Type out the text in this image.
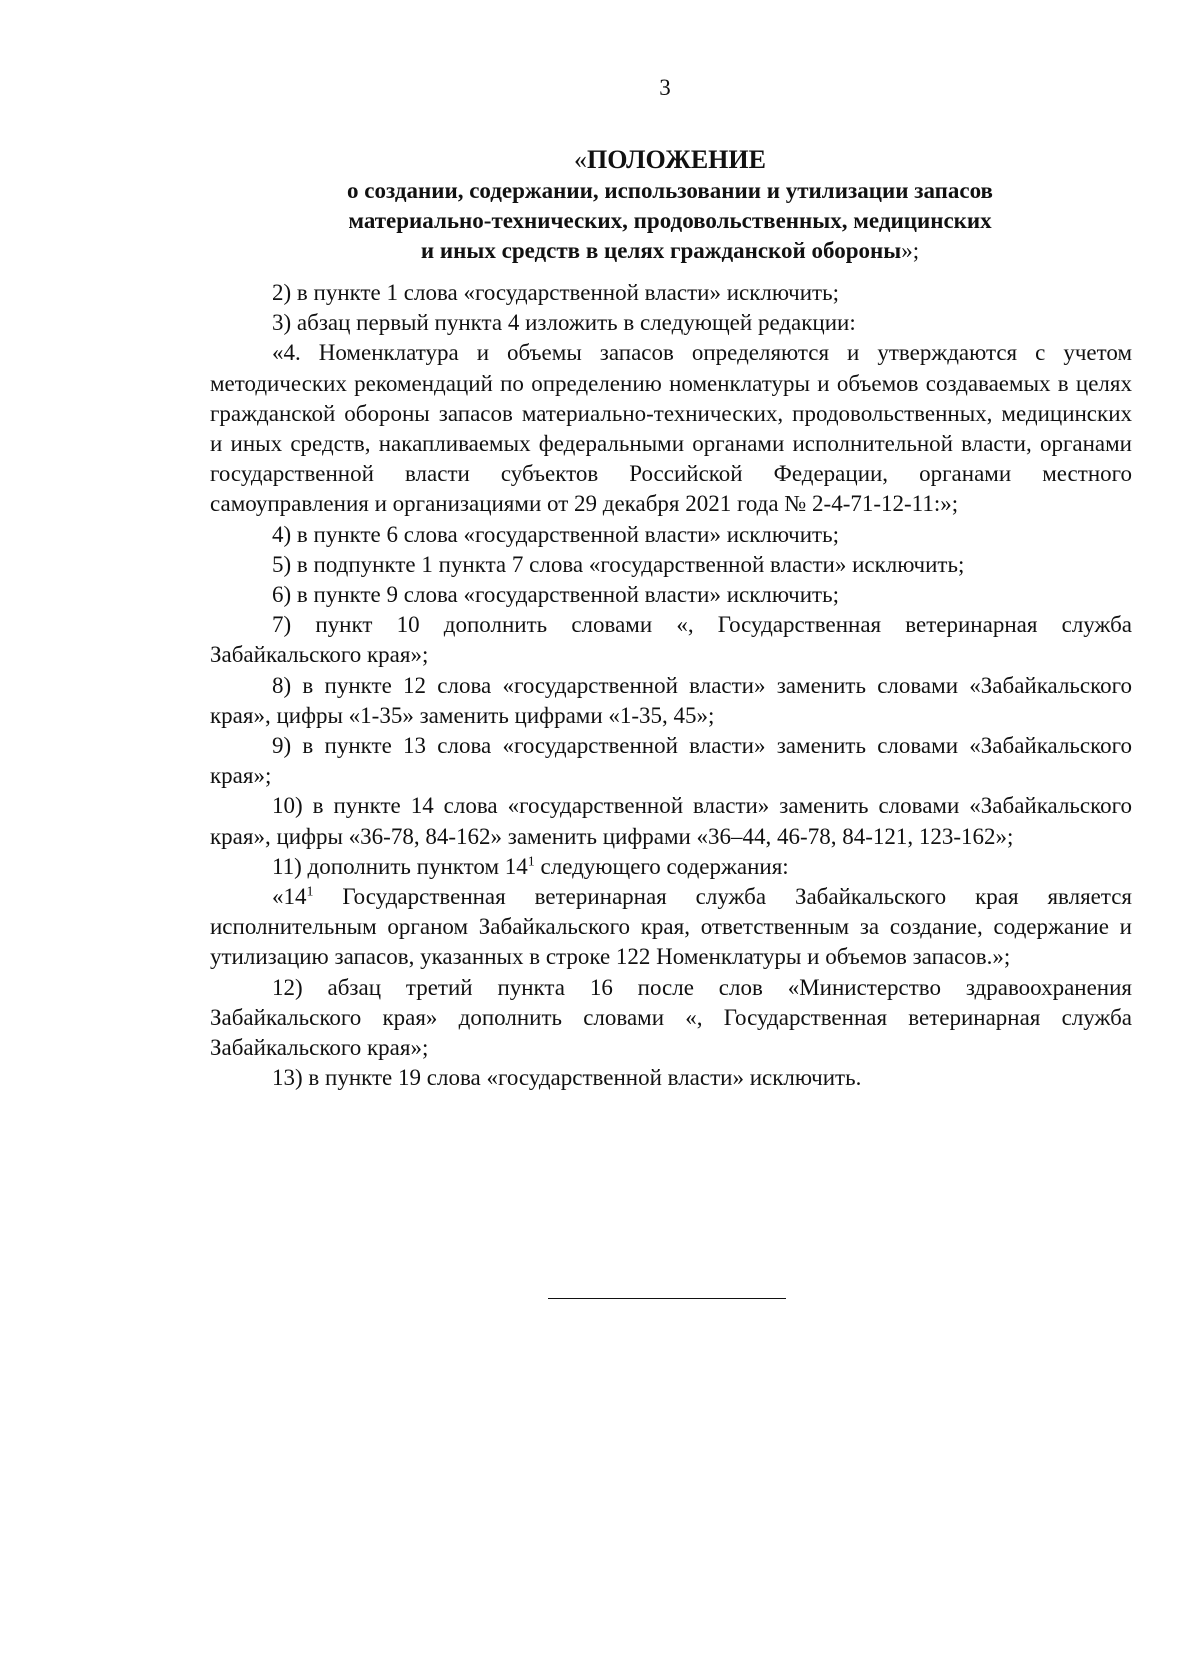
3
«ПОЛОЖЕНИЕ
о создании, содержании, использовании и утилизации запасов
материально-технических, продовольственных, медицинских
и иных средств в целях гражданской обороны»;

2) в пункте 1 слова «государственной власти» исключить;

3) абзац первый пункта 4 изложить в следующей редакции:

«4. Номенклатура и объемы запасов определяются и утверждаются с учетом методических рекомендаций по определению номенклатуры и объемов создаваемых в целях гражданской обороны запасов материально-технических, продовольственных, медицинских и иных средств, накапливаемых федеральными органами исполнительной власти, органами государственной власти субъектов Российской Федерации, органами местного самоуправления и организациями от 29 декабря 2021 года № 2-4-71-12-11:»;

4) в пункте 6 слова «государственной власти» исключить;

5) в подпункте 1 пункта 7 слова «государственной власти» исключить;

6) в пункте 9 слова «государственной власти» исключить;

7) пункт 10 дополнить словами «, Государственная ветеринарная служба Забайкальского края»;

8) в пункте 12 слова «государственной власти» заменить словами «Забайкальского края», цифры «1-35» заменить цифрами «1-35, 45»;

9) в пункте 13 слова «государственной власти» заменить словами «Забайкальского края»;

10) в пункте 14 слова «государственной власти» заменить словами «Забайкальского края», цифры «36-78, 84-162» заменить цифрами «36–44, 46-78, 84-121, 123-162»;

11) дополнить пунктом $14^1$ следующего содержания:

«$14^1$ Государственная ветеринарная служба Забайкальского края является исполнительным органом Забайкальского края, ответственным за создание, содержание и утилизацию запасов, указанных в строке 122 Номенклатуры и объемов запасов.»;

12) абзац третий пункта 16 после слов «Министерство здравоохранения Забайкальского края» дополнить словами «, Государственная ветеринарная служба Забайкальского края»;

13) в пункте 19 слова «государственной власти» исключить.
